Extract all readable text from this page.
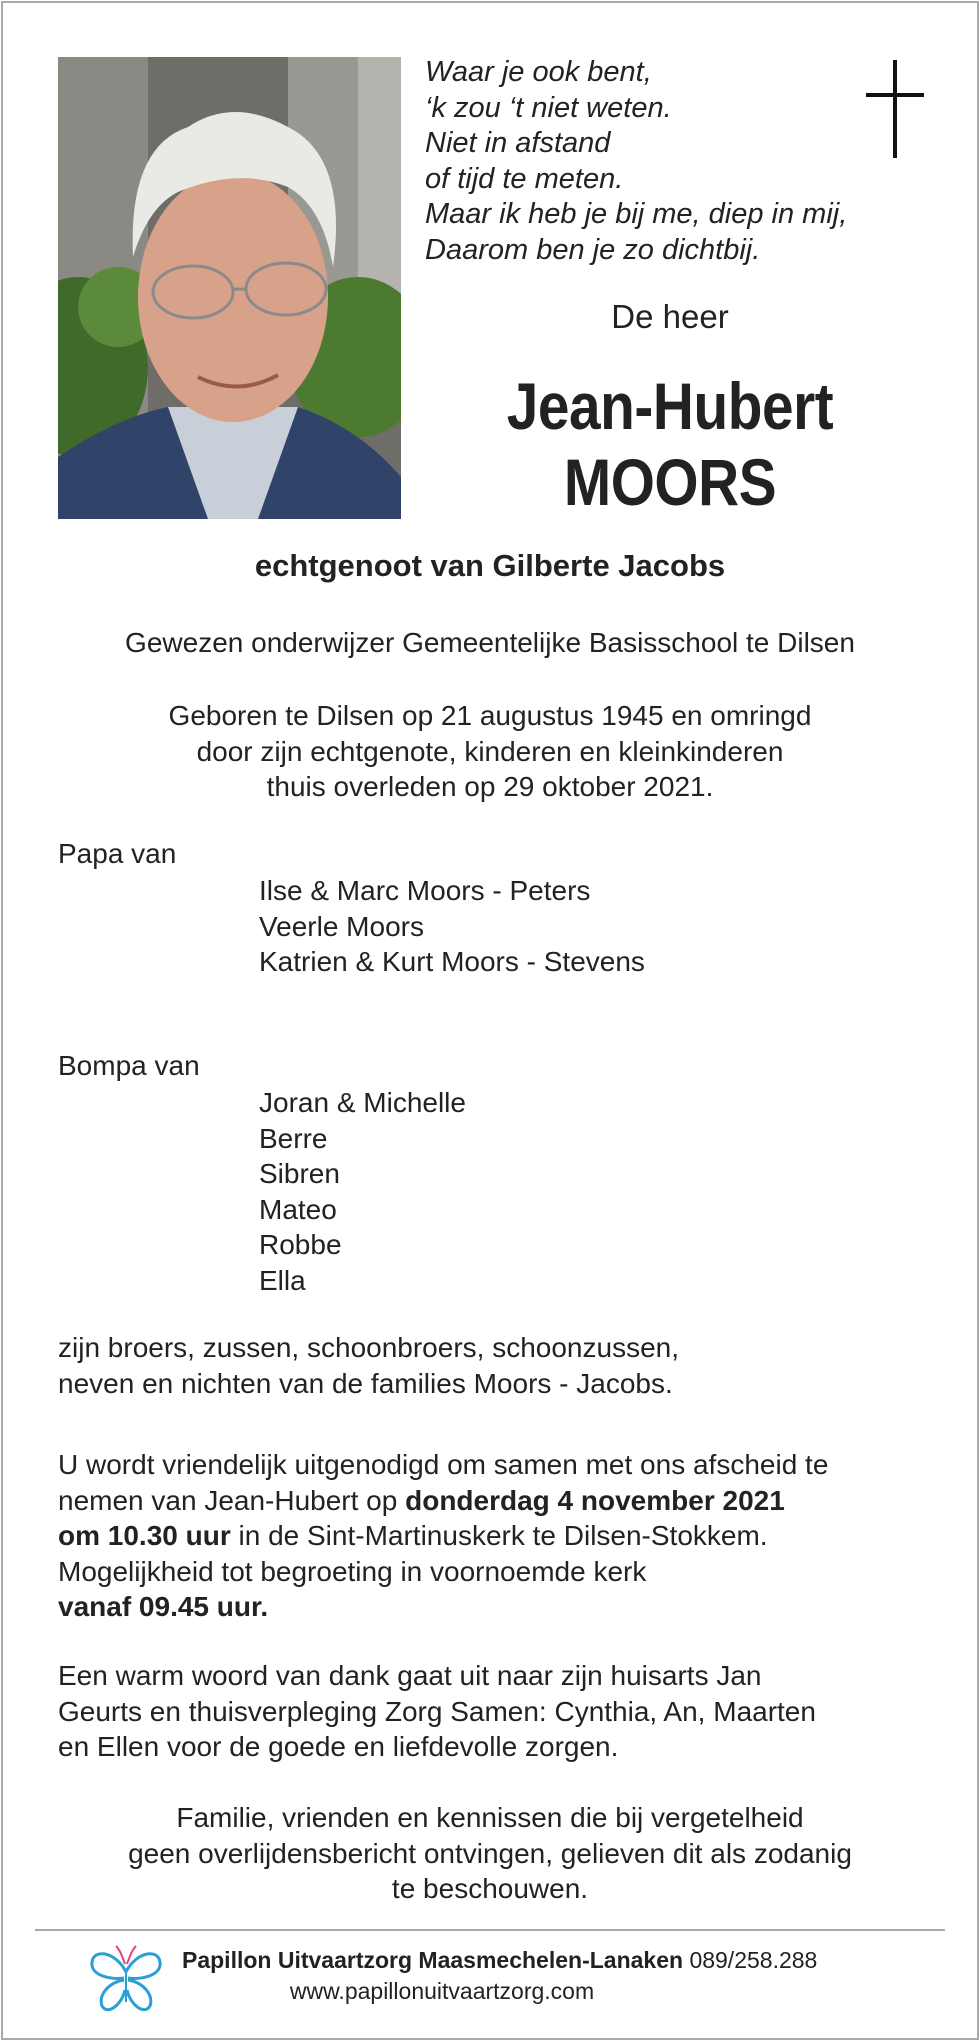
Waar je ook bent,
‘k zou ‘t niet weten.
Niet in afstand
of tijd te meten.
Maar ik heb je bij me, diep in mij,
Daarom ben je zo dichtbij.
De heer
Jean-Hubert
MOORS
echtgenoot van Gilberte Jacobs
Gewezen onderwijzer Gemeentelijke Basisschool te Dilsen
Geboren te Dilsen op 21 augustus 1945 en omringd
door zijn echtgenote, kinderen en kleinkinderen
thuis overleden op 29 oktober 2021.
Papa van
Ilse & Marc Moors - Peters
Veerle Moors
Katrien & Kurt Moors - Stevens
Bompa van
Joran & Michelle
Berre
Sibren
Mateo
Robbe
Ella
zijn broers, zussen, schoonbroers, schoonzussen,
neven en nichten van de families Moors - Jacobs.
U wordt vriendelijk uitgenodigd om samen met ons afscheid te
nemen van Jean-Hubert op donderdag 4 november 2021
om 10.30 uur in de Sint-Martinuskerk te Dilsen-Stokkem.
Mogelijkheid tot begroeting in voornoemde kerk
vanaf 09.45 uur.
Een warm woord van dank gaat uit naar zijn huisarts Jan
Geurts en thuisverpleging Zorg Samen: Cynthia, An, Maarten
en Ellen voor de goede en liefdevolle zorgen.
Familie, vrienden en kennissen die bij vergetelheid
geen overlijdensbericht ontvingen, gelieven dit als zodanig
te beschouwen.
Papillon Uitvaartzorg Maasmechelen-Lanaken 089/258.288
www.papillonuitvaartzorg.com
